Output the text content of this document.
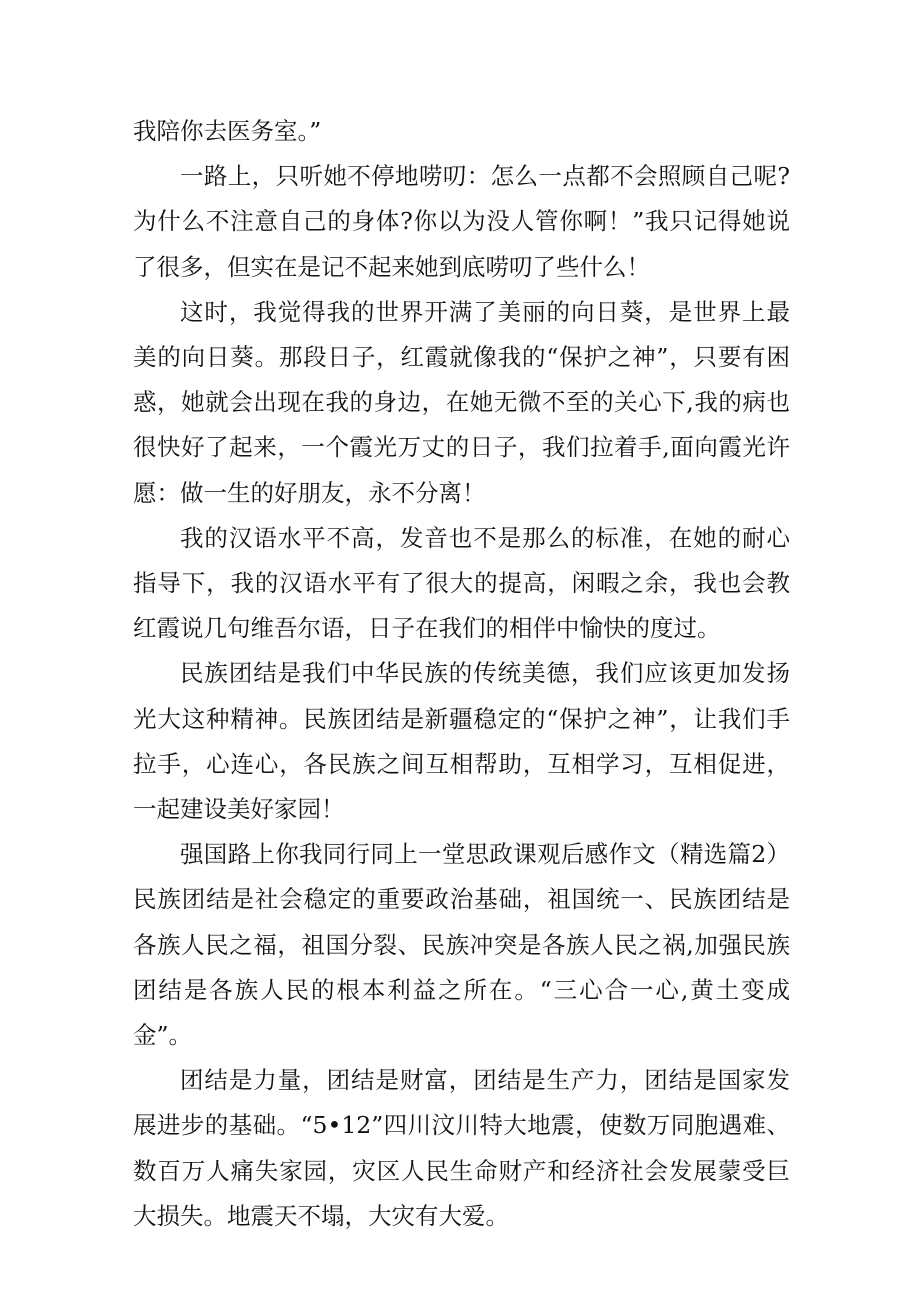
我陪你去医务室。”

一路上，只听她不停地唠叨：怎么一点都不会照顾自己呢?为什么不注意自己的身体?你以为没人管你啊！”我只记得她说了很多，但实在是记不起来她到底唠叨了些什么！

这时，我觉得我的世界开满了美丽的向日葵，是世界上最美的向日葵。那段日子，红霞就像我的“保护之神”，只要有困惑，她就会出现在我的身边，在她无微不至的关心下,我的病也很快好了起来，一个霞光万丈的日子，我们拉着手,面向霞光许愿：做一生的好朋友，永不分离！

我的汉语水平不高，发音也不是那么的标准，在她的耐心指导下，我的汉语水平有了很大的提高，闲暇之余，我也会教红霞说几句维吾尔语，日子在我们的相伴中愉快的度过。

民族团结是我们中华民族的传统美德，我们应该更加发扬光大这种精神。民族团结是新疆稳定的“保护之神”，让我们手拉手，心连心，各民族之间互相帮助，互相学习，互相促进，一起建设美好家园！

强国路上你我同行同上一堂思政课观后感作文（精选篇2）民族团结是社会稳定的重要政治基础，祖国统一、民族团结是各族人民之福，祖国分裂、民族冲突是各族人民之祸,加强民族团结是各族人民的根本利益之所在。“三心合一心,黄土变成金”。

团结是力量，团结是财富，团结是生产力，团结是国家发展进步的基础。“5•12”四川汶川特大地震，使数万同胞遇难、数百万人痛失家园，灾区人民生命财产和经济社会发展蒙受巨大损失。地震天不塌，大灾有大爱。
